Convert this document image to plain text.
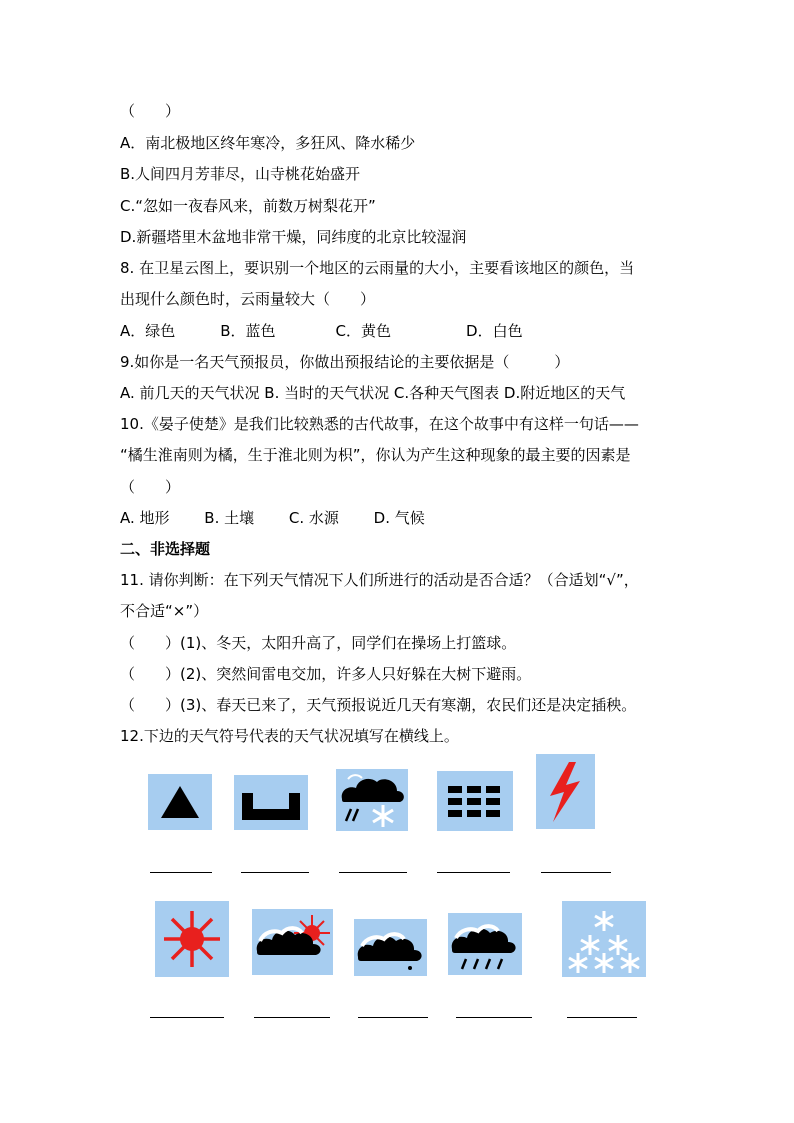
（　　）
A．南北极地区终年寒冷，多狂风、降水稀少
B.人间四月芳菲尽，山寺桃花始盛开
C.“忽如一夜春风来，前数万树梨花开”
D.新疆塔里木盆地非常干燥，同纬度的北京比较湿润
8. 在卫星云图上，要识别一个地区的云雨量的大小，主要看该地区的颜色，当
出现什么颜色时，云雨量较大（　　）
A．绿色　　　B．蓝色　　　　C．黄色　　　　　D．白色
9.如你是一名天气预报员，你做出预报结论的主要依据是（　　　）
A. 前几天的天气状况 B. 当时的天气状况 C.各种天气图表 D.附近地区的天气
10.《晏子使楚》是我们比较熟悉的古代故事，在这个故事中有这样一句话——
“橘生淮南则为橘，生于淮北则为枳”，你认为产生这种现象的最主要的因素是
（　　）
A. 地形　　 B. 土壤　　 C. 水源　　 D. 气候
二、非选择题
11. 请你判断：在下列天气情况下人们所进行的活动是否合适？（合适划“√”，
不合适“×”）
（　　）(1)、冬天，太阳升高了，同学们在操场上打篮球。
（　　）(2)、突然间雷电交加，许多人只好躲在大树下避雨。
（　　）(3)、春天已来了，天气预报说近几天有寒潮，农民们还是决定插秧。
12.下边的天气符号代表的天气状况填写在横线上。
